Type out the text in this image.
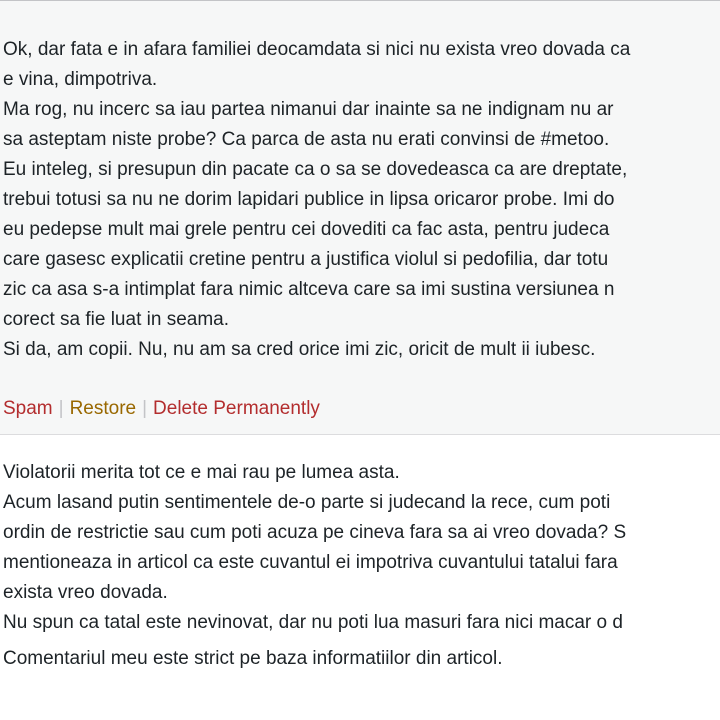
Ok, dar fata e in afara familiei deocamdata si nici nu exista vreo dovada ca
e vina, dimpotriva.
Ma rog, nu incerc sa iau partea nimanui dar inainte sa ne indignam nu ar
sa asteptam niste probe? Ca parca de asta nu erati convinsi de #metoo.
Eu inteleg, si presupun din pacate ca o sa se dovedeasca ca are dreptate,
trebui totusi sa nu ne dorim lapidari publice in lipsa oricaror probe. Imi do
eu pedepse mult mai grele pentru cei dovediti ca fac asta, pentru judeca
care gasesc explicatii cretine pentru a justifica violul si pedofilia, dar totu
zic ca asa s-a intimplat fara nimic altceva care sa imi sustina versiunea n
corect sa fie luat in seama.
Si da, am copii. Nu, nu am sa cred orice imi zic, oricit de mult ii iubesc.
Spam | Restore | Delete Permanently
Violatorii merita tot ce e mai rau pe lumea asta.
Acum lasand putin sentimentele de-o parte si judecand la rece, cum poti
ordin de restrictie sau cum poti acuza pe cineva fara sa ai vreo dovada? S
mentioneaza in articol ca este cuvantul ei impotriva cuvantului tatalui fara
exista vreo dovada.
Nu spun ca tatal este nevinovat, dar nu poti lua masuri fara nici macar o d
Comentariul meu este strict pe baza informatiilor din articol.
